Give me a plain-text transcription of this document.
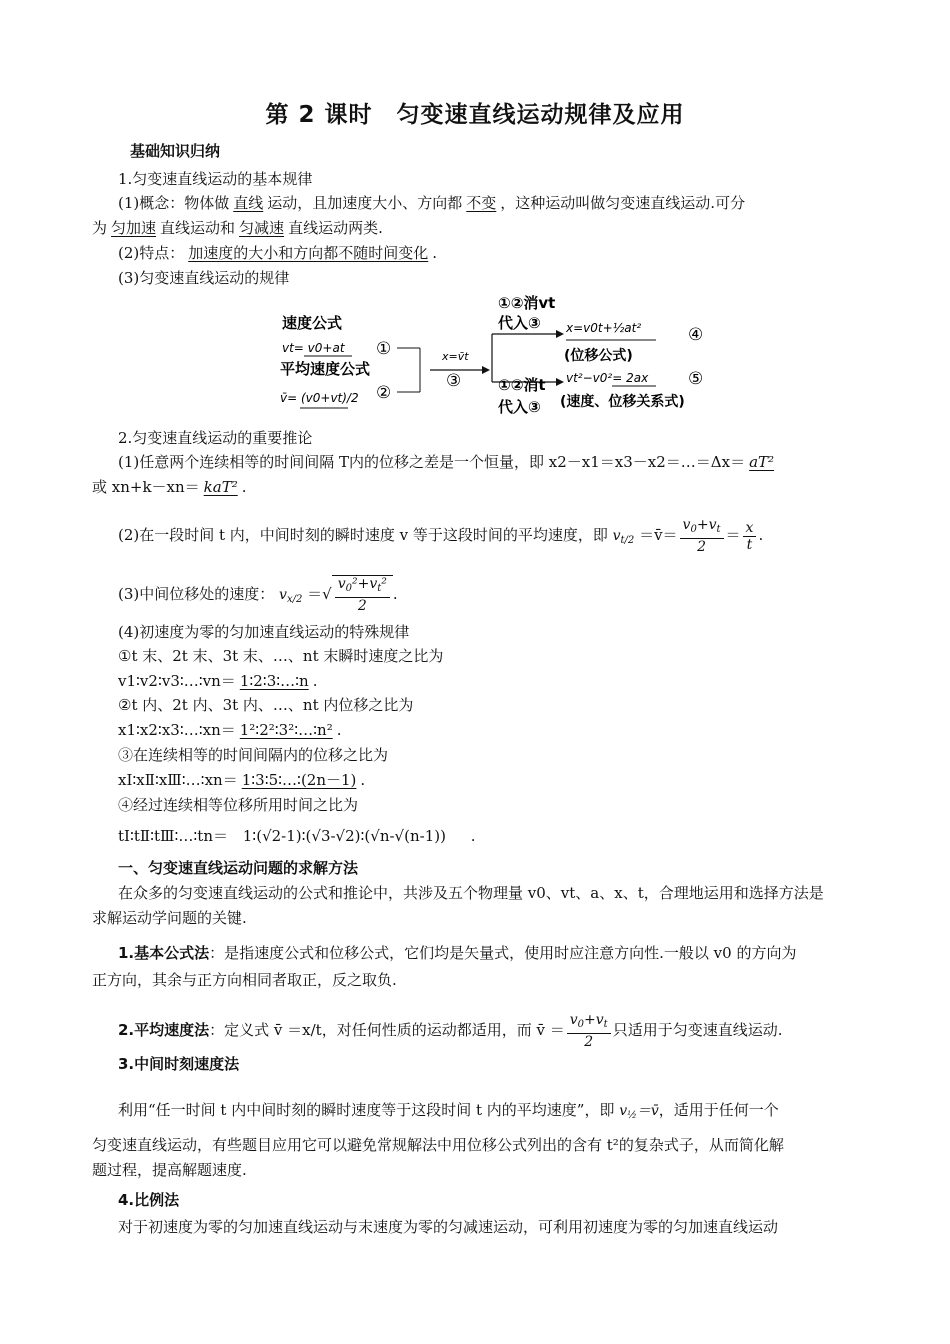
第 2 课时　匀变速直线运动规律及应用
基础知识归纳
1.匀变速直线运动的基本规律
(1)概念：物体做 直线 运动，且加速度大小、方向都 不变 ，这种运动叫做匀变速直线运动.可分
为 匀加速 直线运动和 匀减速 直线运动两类.
(2)特点： 加速度的大小和方向都不随时间变化 .
(3)匀变速直线运动的规律
速度公式
vt= v0+at
平均速度公式
v̄= (v0+vt)/2
①
②
x=v̄t
③
①②消vt
代入③ x=v0t+½at²
(位移公式)
④
①②消t
代入③
vt²−v0²= 2ax
(速度、位移关系式)
⑤
2.匀变速直线运动的重要推论
(1)任意两个连续相等的时间间隔 T内的位移之差是一个恒量，即 x2－x1＝x3－x2＝…＝Δx＝ aT²
或 xn+k－xn＝ kaT² .
(2)在一段时间 t 内，中间时刻的瞬时速度 v 等于这段时间的平均速度，即 $v_{t/2}$ ＝v̄＝ $\frac{v_0+v_t}{2} = \frac{x}{t}$ .
(3)中间位移处的速度： $v_{x/2}$ ＝√ $\frac{v_0^2+v_t^2}{2}$ .
(4)初速度为零的匀加速直线运动的特殊规律
①t 末、2t 末、3t 末、…、nt 末瞬时速度之比为
v1∶v2∶v3∶…∶vn＝ 1∶2∶3∶…∶n .
②t 内、2t 内、3t 内、…、nt 内位移之比为
x1∶x2∶x3∶…∶xn＝ 1²∶2²∶3²∶…∶n² .
③在连续相等的时间间隔内的位移之比为
xⅠ∶xⅡ∶xⅢ∶…∶xn＝ 1∶3∶5∶…∶(2n－1) .
④经过连续相等位移所用时间之比为
tⅠ∶tⅡ∶tⅢ∶…∶tn＝ 1∶(√2-1)∶(√3-√2)∶(√n-√(n-1)) .
一、匀变速直线运动问题的求解方法
在众多的匀变速直线运动的公式和推论中，共涉及五个物理量 v0、vt、a、x、t，合理地运用和选择方法是
求解运动学问题的关键.
1.基本公式法：是指速度公式和位移公式，它们均是矢量式，使用时应注意方向性.一般以 v0 的方向为
正方向，其余与正方向相同者取正，反之取负.
2.平均速度法：定义式 v̄ ＝x/t，对任何性质的运动都适用，而 v̄ ＝ $\frac{v_0+v_t}{2}$ 只适用于匀变速直线运动.
3.中间时刻速度法
利用“任一时间 t 内中间时刻的瞬时速度等于这段时间 t 内的平均速度”，即 $v_{\frac{1}{2}}=v̄$，适用于任何一个
匀变速直线运动，有些题目应用它可以避免常规解法中用位移公式列出的含有 t²的复杂式子，从而简化解
题过程，提高解题速度.
4.比例法
对于初速度为零的匀加速直线运动与末速度为零的匀减速运动，可利用初速度为零的匀加速直线运动
